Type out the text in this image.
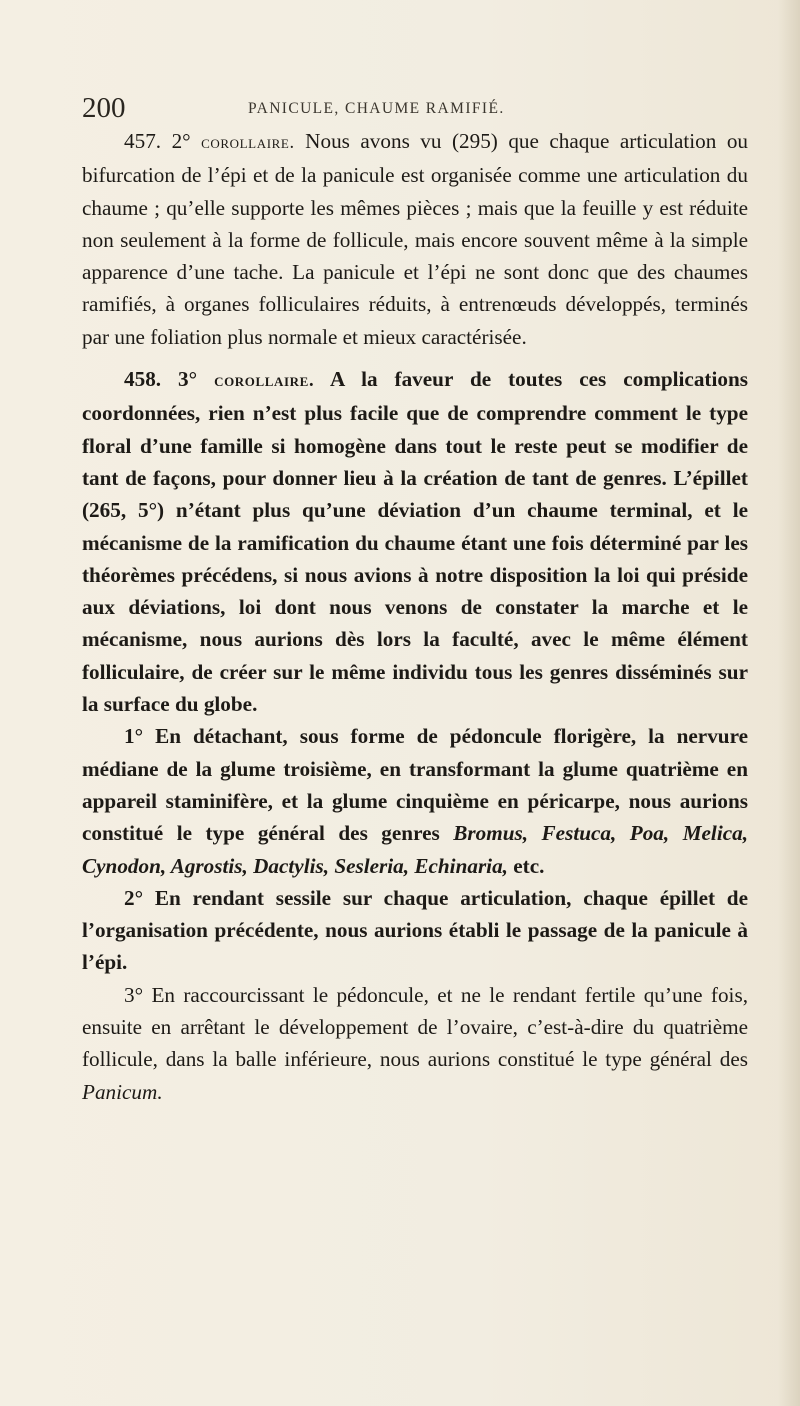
200	PANICULE, CHAUME RAMIFIÉ.

457. 2° corollaire. Nous avons vu (295) que chaque articulation ou bifurcation de l’épi et de la panicule est organisée comme une articulation du chaume ; qu’elle supporte les mêmes pièces ; mais que la feuille y est réduite non seulement à la forme de follicule, mais encore souvent même à la simple apparence d’une tache. La panicule et l’épi ne sont donc que des chaumes ramifiés, à organes folliculaires réduits, à entrenœuds développés, terminés par une foliation plus normale et mieux caractérisée.

458. 3° corollaire. A la faveur de toutes ces complications coordonnées, rien n’est plus facile que de comprendre comment le type floral d’une famille si homogène dans tout le reste peut se modifier de tant de façons, pour donner lieu à la création de tant de genres. L’épillet (265, 5°) n’étant plus qu’une déviation d’un chaume terminal, et le mécanisme de la ramification du chaume étant une fois déterminé par les théorèmes précédens, si nous avions à notre disposition la loi qui préside aux déviations, loi dont nous venons de constater la marche et le mécanisme, nous aurions dès lors la faculté, avec le même élément folliculaire, de créer sur le même individu tous les genres disséminés sur la surface du globe.

1° En détachant, sous forme de pédoncule florigère, la nervure médiane de la glume troisième, en transformant la glume quatrième en appareil staminifère, et la glume cinquième en péricarpe, nous aurions constitué le type général des genres Bromus, Festuca, Poa, Melica, Cynodon, Agrostis, Dactylis, Sesleria, Echinaria, etc.

2° En rendant sessile sur chaque articulation, chaque épillet de l’organisation précédente, nous aurions établi le passage de la panicule à l’épi.

3° En raccourcissant le pédoncule, et ne le rendant fertile qu’une fois, ensuite en arrêtant le développement de l’ovaire, c’est-à-dire du quatrième follicule, dans la balle inférieure, nous aurions constitué le type général des Panicum.
